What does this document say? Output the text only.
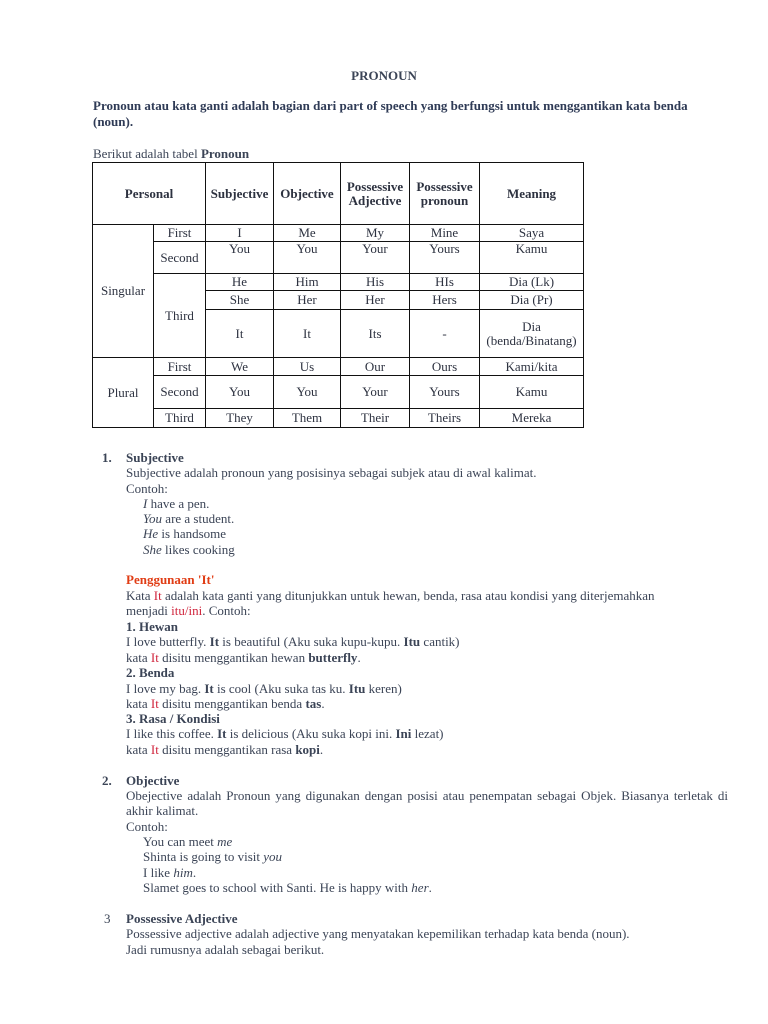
PRONOUN
Pronoun atau kata ganti adalah bagian dari part of speech yang berfungsi untuk menggantikan kata benda (noun).
Berikut adalah tabel Pronoun
Personal		Subjective	Objective	Possessive Adjective	Possessive pronoun	Meaning
Singular	First	I	Me	My	Mine	Saya
	Second	You	You	Your	Yours	Kamu
	Third	He	Him	His	HIs	Dia (Lk)
		She	Her	Her	Hers	Dia (Pr)
		It	It	Its	-	Dia (benda/Binatang)
Plural	First	We	Us	Our	Ours	Kami/kita
	Second	You	You	Your	Yours	Kamu
	Third	They	Them	Their	Theirs	Mereka
1. Subjective
Subjective adalah pronoun yang posisinya sebagai subjek atau di awal kalimat.
Contoh:
I have a pen.
You are a student.
He is handsome
She likes cooking
Penggunaan 'It'
Kata It adalah kata ganti yang ditunjukkan untuk hewan, benda, rasa atau kondisi yang diterjemahkan
menjadi itu/ini. Contoh:
1. Hewan
I love butterfly. It is beautiful (Aku suka kupu-kupu. Itu cantik)
kata It disitu menggantikan hewan butterfly.
2. Benda
I love my bag. It is cool (Aku suka tas ku. Itu keren)
kata It disitu menggantikan benda tas.
3. Rasa / Kondisi
I like this coffee. It is delicious (Aku suka kopi ini. Ini lezat)
kata It disitu menggantikan rasa kopi.
2. Objective
Obejective adalah Pronoun yang digunakan dengan posisi atau penempatan sebagai Objek. Biasanya terletak di akhir kalimat.
Contoh:
You can meet me
Shinta is going to visit you
I like him.
Slamet goes to school with Santi. He is happy with her.
3 Possessive Adjective
Possessive adjective adalah adjective yang menyatakan kepemilikan terhadap kata benda (noun).
Jadi rumusnya adalah sebagai berikut.
